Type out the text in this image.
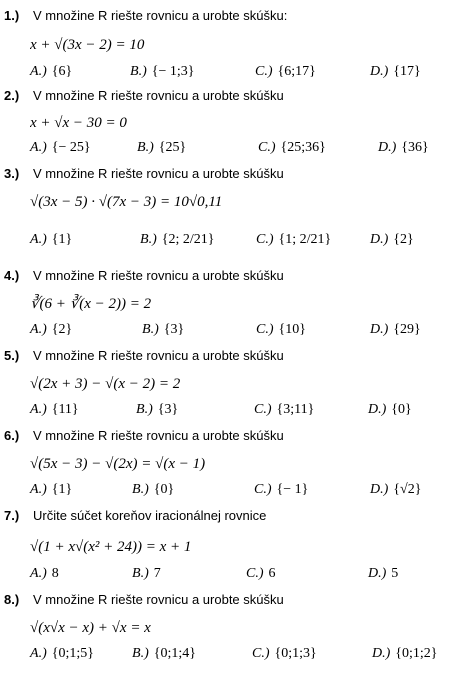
1.) V množine R riešte rovnicu a urobte skúšku:
x + √(3x − 2) = 10
A .) {6}	B .) {− 1;3}	C .) {6;17}	D .) {17}
2.) V množine R riešte rovnicu a urobte skúšku
x + √x − 30 = 0
A .) {− 25}	B .) {25}	C .) {25;36}	D .) {36}
3.) V množine R riešte rovnicu a urobte skúšku
√(3x − 5) · √(7x − 3) = 10√0,11
A .) {1}	B .) {2; 2/21}	C .) {1; 2/21}	D .) {2}
4.) V množine R riešte rovnicu a urobte skúšku
∛(6 + ∛(x − 2)) = 2
A .) {2}	B .) {3}	C .) {10}	D .) {29}
5.) V množine R riešte rovnicu a urobte skúšku
√(2x + 3) − √(x − 2) = 2
A .) {11}	B .) {3}	C .) {3;11}	D .) {0}
6.) V množine R riešte rovnicu a urobte skúšku
√(5x − 3) − √(2x) = √(x − 1)
A .) {1}	B .) {0}	C .) {− 1}	D .) {√2}
7.) Určite súčet koreňov iracionálnej rovnice
√(1 + x√(x² + 24)) = x + 1
A .) 8	B .) 7	C .) 6	D .) 5
8.) V množine R riešte rovnicu a urobte skúšku
√(x√x − x) + √x = x
A .) {0;1;5}	B .) {0;1;4}	C .) {0;1;3}	D .) {0;1;2}
